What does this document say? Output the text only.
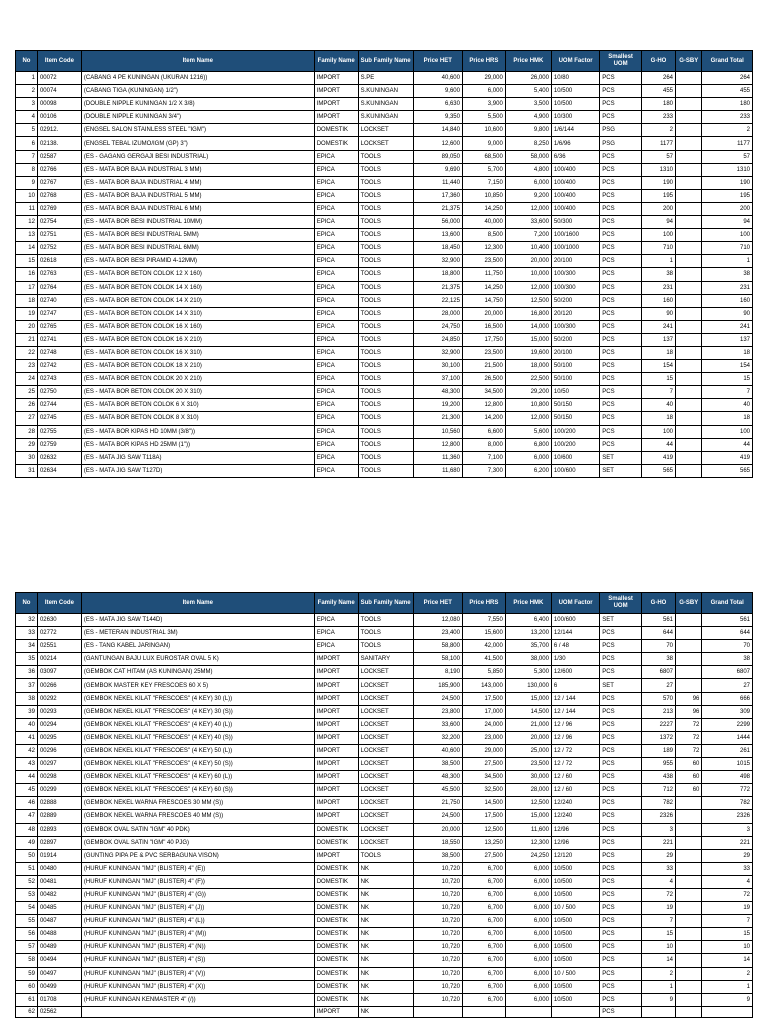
No	Item Code	Item Name	Family Name	Sub Family Name	Price HET	Price HRS	Price HMK	UOM Factor	Smallest UOM	G-HO	G-SBY	Grand Total
1	00072	(CABANG 4 PE KUNINGAN (UKURAN 1216))	IMPORT	S.PE	40,600	29,000	26,000	10/80	PCS	264		264
2	00074	(CABANG TIGA (KUNINGAN) 1/2")	IMPORT	S.KUNINGAN	9,600	6,000	5,400	10/500	PCS	455		455
3	00098	(DOUBLE NIPPLE KUNINGAN 1/2 X 3/8)	IMPORT	S.KUNINGAN	6,630	3,900	3,500	10/500	PCS	180		180
4	00106	(DOUBLE NIPPLE KUNINGAN 3/4")	IMPORT	S.KUNINGAN	9,350	5,500	4,900	10/300	PCS	233		233
5	02912.	(ENGSEL SALON STAINLESS STEEL "IGM")	DOMESTIK	LOCKSET	14,840	10,600	9,800	1/6/144	PSG	2		2
6	02138.	(ENGSEL TEBAL IZUMO/IGM (GP) 3")	DOMESTIK	LOCKSET	12,600	9,000	8,250	1/6/96	PSG	1177		1177
7	02587	(ES - GAGANG GERGAJI BESI INDUSTRIAL)	EPICA	TOOLS	89,050	68,500	58,000	6/36	PCS	57		57
8	02766	(ES - MATA BOR BAJA INDUSTRIAL 3 MM)	EPICA	TOOLS	9,690	5,700	4,800	100/400	PCS	1310		1310
9	02767	(ES - MATA BOR BAJA INDUSTRIAL 4 MM)	EPICA	TOOLS	11,440	7,150	6,000	100/400	PCS	190		190
10	02768	(ES - MATA BOR BAJA INDUSTRIAL 5 MM)	EPICA	TOOLS	17,360	10,850	9,200	100/400	PCS	195		195
11	02769	(ES - MATA BOR BAJA INDUSTRIAL 6 MM)	EPICA	TOOLS	21,375	14,250	12,000	100/400	PCS	200		200
12	02754	(ES - MATA BOR BESI INDUSTRIAL 10MM)	EPICA	TOOLS	56,000	40,000	33,600	50/300	PCS	94		94
13	02751	(ES - MATA BOR BESI INDUSTRIAL 5MM)	EPICA	TOOLS	13,600	8,500	7,200	100/1600	PCS	100		100
14	02752	(ES - MATA BOR BESI INDUSTRIAL 6MM)	EPICA	TOOLS	18,450	12,300	10,400	100/1000	PCS	710		710
15	02618	(ES - MATA BOR BESI PIRAMID 4-12MM)	EPICA	TOOLS	32,900	23,500	20,000	20/100	PCS	1		1
16	02763	(ES - MATA BOR BETON COLOK 12 X 160)	EPICA	TOOLS	18,800	11,750	10,000	100/300	PCS	38		38
17	02764	(ES - MATA BOR BETON COLOK 14 X 160)	EPICA	TOOLS	21,375	14,250	12,000	100/300	PCS	231		231
18	02740	(ES - MATA BOR BETON COLOK 14 X 210)	EPICA	TOOLS	22,125	14,750	12,500	50/200	PCS	160		160
19	02747	(ES - MATA BOR BETON COLOK 14 X 310)	EPICA	TOOLS	28,000	20,000	16,800	20/120	PCS	90		90
20	02765	(ES - MATA BOR BETON COLOK 16 X 160)	EPICA	TOOLS	24,750	16,500	14,000	100/300	PCS	241		241
21	02741	(ES - MATA BOR BETON COLOK 16 X 210)	EPICA	TOOLS	24,850	17,750	15,000	50/200	PCS	137		137
22	02748	(ES - MATA BOR BETON COLOK 16 X 310)	EPICA	TOOLS	32,900	23,500	19,600	20/100	PCS	18		18
23	02742	(ES - MATA BOR BETON COLOK 18 X 210)	EPICA	TOOLS	30,100	21,500	18,000	50/100	PCS	154		154
24	02743	(ES - MATA BOR BETON COLOK 20 X 210)	EPICA	TOOLS	37,100	26,500	22,500	50/100	PCS	15		15
25	02750	(ES - MATA BOR BETON COLOK 20 X 310)	EPICA	TOOLS	48,300	34,500	29,200	10/50	PCS	7		7
26	02744	(ES - MATA BOR BETON COLOK 6 X 310)	EPICA	TOOLS	19,200	12,800	10,800	50/150	PCS	40		40
27	02745	(ES - MATA BOR BETON COLOK 8 X 310)	EPICA	TOOLS	21,300	14,200	12,000	50/150	PCS	18		18
28	02755	(ES - MATA BOR KIPAS HD 10MM (3/8"))	EPICA	TOOLS	10,560	6,600	5,600	100/200	PCS	100		100
29	02759	(ES - MATA BOR KIPAS HD 25MM (1"))	EPICA	TOOLS	12,800	8,000	6,800	100/200	PCS	44		44
30	02632	(ES - MATA JIG SAW T118A)	EPICA	TOOLS	11,360	7,100	6,000	10/600	SET	419		419
31	02634	(ES - MATA JIG SAW T127D)	EPICA	TOOLS	11,680	7,300	6,200	100/600	SET	565		565
No	Item Code	Item Name	Family Name	Sub Family Name	Price HET	Price HRS	Price HMK	UOM Factor	Smallest UOM	G-HO	G-SBY	Grand Total
32	02630	(ES - MATA JIG SAW T144D)	EPICA	TOOLS	12,080	7,550	6,400	100/600	SET	561		561
33	02772	(ES - METERAN INDUSTRIAL 3M)	EPICA	TOOLS	23,400	15,600	13,200	12/144	PCS	644		644
34	02551	(ES - TANG KABEL JARINGAN)	EPICA	TOOLS	58,800	42,000	35,700	6 / 48	PCS	70		70
35	00214	(GANTUNGAN BAJU LUX EUROSTAR OVAL 5 K)	IMPORT	SANITARY	58,100	41,500	38,000	1/30	PCS	38		38
36	03097	(GEMBOK CAT HITAM (AS KUNINGAN) 25MM)	IMPORT	LOCKSET	8,190	5,850	5,300	12/600	PCS	6807		6807
37	00266	(GEMBOK MASTER KEY FRESCOES 60 X 5)	IMPORT	LOCKSET	185,900	143,000	130,000	6	SET	27		27
38	00292	(GEMBOK NEKEL KILAT "FRESCOES" (4 KEY) 30 (L))	IMPORT	LOCKSET	24,500	17,500	15,000	12 / 144	PCS	570	96	666
39	00293	(GEMBOK NEKEL KILAT "FRESCOES" (4 KEY) 30 (S))	IMPORT	LOCKSET	23,800	17,000	14,500	12 / 144	PCS	213	96	309
40	00294	(GEMBOK NEKEL KILAT "FRESCOES" (4 KEY) 40 (L))	IMPORT	LOCKSET	33,600	24,000	21,000	12 / 96	PCS	2227	72	2299
41	00295	(GEMBOK NEKEL KILAT "FRESCOES" (4 KEY) 40 (S))	IMPORT	LOCKSET	32,200	23,000	20,000	12 / 96	PCS	1372	72	1444
42	00296	(GEMBOK NEKEL KILAT "FRESCOES" (4 KEY) 50 (L))	IMPORT	LOCKSET	40,600	29,000	25,000	12 / 72	PCS	189	72	261
43	00297	(GEMBOK NEKEL KILAT "FRESCOES" (4 KEY) 50 (S))	IMPORT	LOCKSET	38,500	27,500	23,500	12 / 72	PCS	955	60	1015
44	00298	(GEMBOK NEKEL KILAT "FRESCOES" (4 KEY) 60 (L))	IMPORT	LOCKSET	48,300	34,500	30,000	12 / 60	PCS	438	60	498
45	00299	(GEMBOK NEKEL KILAT "FRESCOES" (4 KEY) 60 (S))	IMPORT	LOCKSET	45,500	32,500	28,000	12 / 60	PCS	712	60	772
46	02888	(GEMBOK NEKEL WARNA FRESCOES 30 MM (S))	IMPORT	LOCKSET	21,750	14,500	12,500	12/240	PCS	782		782
47	02889	(GEMBOK NEKEL WARNA FRESCOES 40 MM (S))	IMPORT	LOCKSET	24,500	17,500	15,000	12/240	PCS	2326		2326
48	02893	(GEMBOK OVAL SATIN "IGM" 40 PDK)	DOMESTIK	LOCKSET	20,000	12,500	11,600	12/96	PCS	3		3
49	02897	(GEMBOK OVAL SATIN "IGM" 40 PJG)	DOMESTIK	LOCKSET	18,550	13,250	12,300	12/96	PCS	221		221
50	01914	(GUNTING PIPA PE & PVC SERBAGUNA VISON)	IMPORT	TOOLS	38,500	27,500	24,250	12/120	PCS	29		29
51	00480	(HURUF KUNINGAN "IMJ" (BLISTER) 4" (E))	DOMESTIK	NK	10,720	6,700	6,000	10/500	PCS	33		33
52	00481	(HURUF KUNINGAN "IMJ" (BLISTER) 4" (F))	DOMESTIK	NK	10,720	6,700	6,000	10/500	PCS	4		4
53	00482	(HURUF KUNINGAN "IMJ" (BLISTER) 4" (G))	DOMESTIK	NK	10,720	6,700	6,000	10/500	PCS	72		72
54	00485	(HURUF KUNINGAN "IMJ" (BLISTER) 4" (J))	DOMESTIK	NK	10,720	6,700	6,000	10 / 500	PCS	19		19
55	00487	(HURUF KUNINGAN "IMJ" (BLISTER) 4" (L))	DOMESTIK	NK	10,720	6,700	6,000	10/500	PCS	7		7
56	00488	(HURUF KUNINGAN "IMJ" (BLISTER) 4" (M))	DOMESTIK	NK	10,720	6,700	6,000	10/500	PCS	15		15
57	00489	(HURUF KUNINGAN "IMJ" (BLISTER) 4" (N))	DOMESTIK	NK	10,720	6,700	6,000	10/500	PCS	10		10
58	00494	(HURUF KUNINGAN "IMJ" (BLISTER) 4" (S))	DOMESTIK	NK	10,720	6,700	6,000	10/500	PCS	14		14
59	00497	(HURUF KUNINGAN "IMJ" (BLISTER) 4" (V))	DOMESTIK	NK	10,720	6,700	6,000	10 / 500	PCS	2		2
60	00499	(HURUF KUNINGAN "IMJ" (BLISTER) 4" (X))	DOMESTIK	NK	10,720	6,700	6,000	10/500	PCS	1		1
61	01708	(HURUF KUNINGAN KENMASTER 4" (/))	DOMESTIK	NK	10,720	6,700	6,000	10/500	PCS	9		9
62	02562		IMPORT	NK					PCS			
